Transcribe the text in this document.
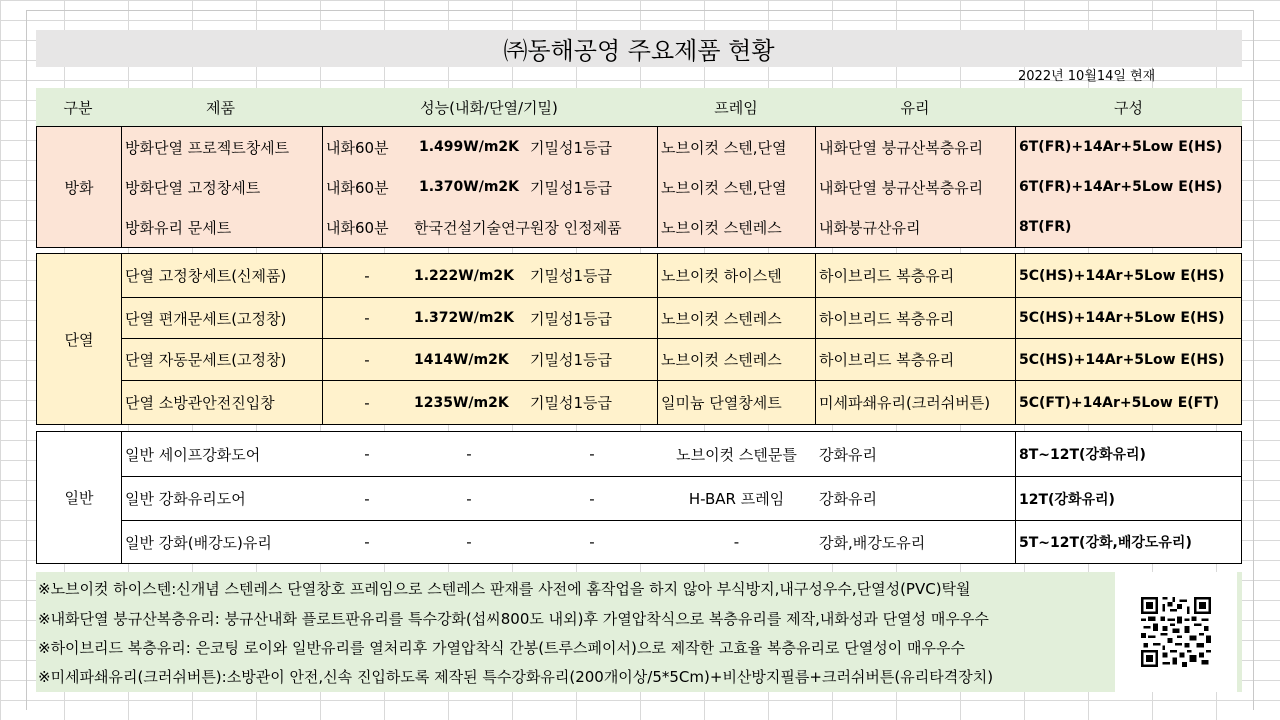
㈜동해공영 주요제품 현황
2022년 10월14일 현재
구분	제품	성능(내화/단열/기밀)	프레임	유리	구성
방화
방화단열 프로젝트창세트	내화60분	1.499W/m2K 기밀성1등급	노브이컷 스텐,단열	내화단열 붕규산복층유리	6T(FR)+14Ar+5Low E(HS)
방화단열 고정창세트	내화60분	1.370W/m2K 기밀성1등급	노브이컷 스텐,단열	내화단열 붕규산복층유리	6T(FR)+14Ar+5Low E(HS)
방화유리 문세트	내화60분	한국건설기술연구원장 인정제품	노브이컷 스텐레스	내화붕규산유리	8T(FR)
단열
단열 고정창세트(신제품)	-	1.222W/m2K	기밀성1등급	노브이컷 하이스텐	하이브리드 복층유리	5C(HS)+14Ar+5Low E(HS)
단열 편개문세트(고정창)	-	1.372W/m2K	기밀성1등급	노브이컷 스텐레스	하이브리드 복층유리	5C(HS)+14Ar+5Low E(HS)
단열 자동문세트(고정창)	-	1414W/m2K	기밀성1등급	노브이컷 스텐레스	하이브리드 복층유리	5C(HS)+14Ar+5Low E(HS)
단열 소방관안전진입창	-	1235W/m2K	기밀성1등급	일미늄 단열창세트	미세파쇄유리(크러쉬버튼)	5C(FT)+14Ar+5Low E(FT)
일반
일반 세이프강화도어	-	-	-	노브이컷 스텐문틀	강화유리	8T~12T(강화유리)
일반 강화유리도어	-	-	-	H-BAR 프레임	강화유리	12T(강화유리)
일반 강화(배강도)유리	-	-	-	-	강화,배강도유리	5T~12T(강화,배강도유리)
※노브이컷 하이스텐:신개념 스텐레스 단열창호 프레임으로 스텐레스 판재를 사전에 홈작업을 하지 않아 부식방지,내구성우수,단열성(PVC)탁월
※내화단열 붕규산복층유리: 붕규산내화 플로트판유리를 특수강화(섭씨800도 내외)후 가열압착식으로 복층유리를 제작,내화성과 단열성 매우우수
※하이브리드 복층유리: 은코팅 로이와 일반유리를 열처리후 가열압착식 간봉(트루스페이서)으로 제작한 고효율 복층유리로 단열성이 매우우수
※미세파쇄유리(크러쉬버튼):소방관이 안전,신속 진입하도록 제작된 특수강화유리(200개이상/5*5Cm)+비산방지필름+크러쉬버튼(유리타격장치)
